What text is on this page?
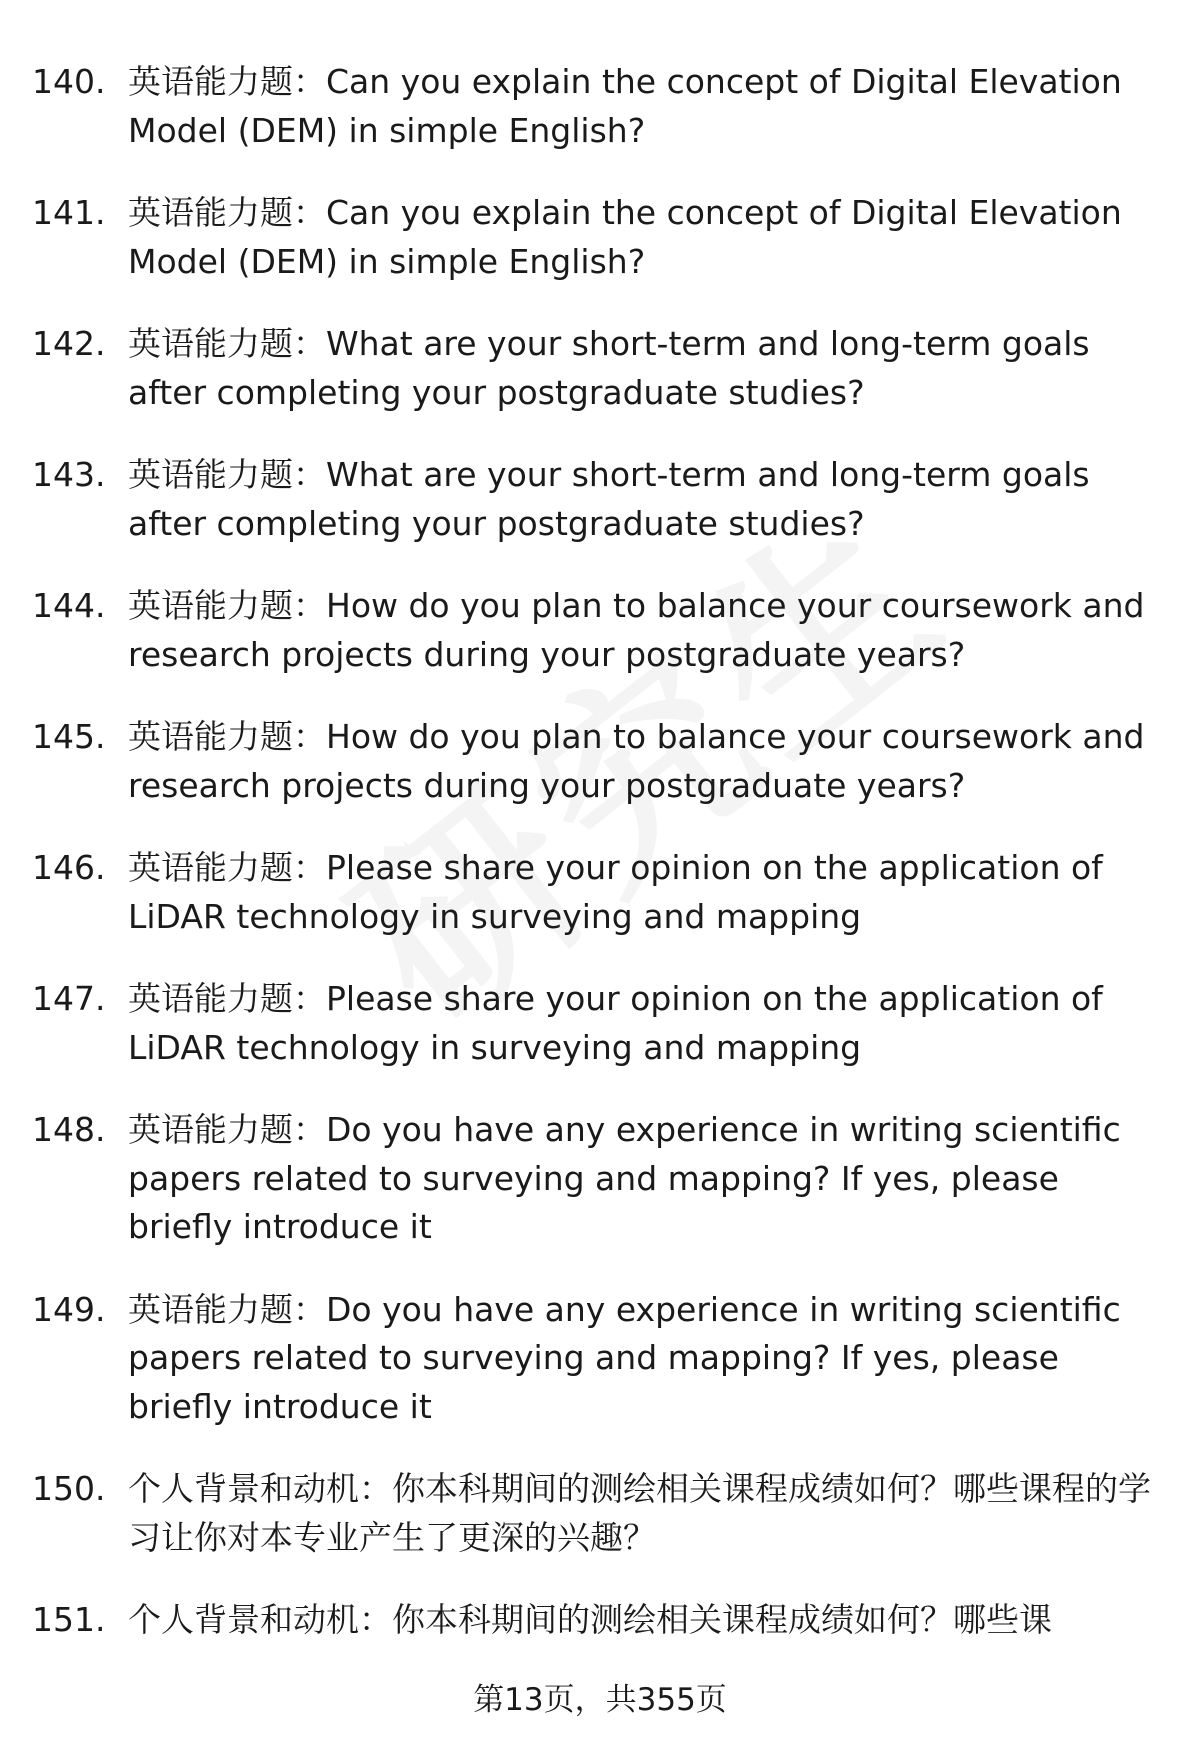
140. 英语能力题：Can you explain the concept of Digital Elevation Model (DEM) in simple English?
141. 英语能力题：Can you explain the concept of Digital Elevation Model (DEM) in simple English?
142. 英语能力题：What are your short-term and long-term goals after completing your postgraduate studies?
143. 英语能力题：What are your short-term and long-term goals after completing your postgraduate studies?
144. 英语能力题：How do you plan to balance your coursework and research projects during your postgraduate years?
145. 英语能力题：How do you plan to balance your coursework and research projects during your postgraduate years?
146. 英语能力题：Please share your opinion on the application of LiDAR technology in surveying and mapping
147. 英语能力题：Please share your opinion on the application of LiDAR technology in surveying and mapping
148. 英语能力题：Do you have any experience in writing scientific papers related to surveying and mapping? If yes, please briefly introduce it
149. 英语能力题：Do you have any experience in writing scientific papers related to surveying and mapping? If yes, please briefly introduce it
150. 个人背景和动机：你本科期间的测绘相关课程成绩如何？哪些课程的学习让你对本专业产生了更深的兴趣？
151. 个人背景和动机：你本科期间的测绘相关课程成绩如何？哪些课
第13页，共355页
